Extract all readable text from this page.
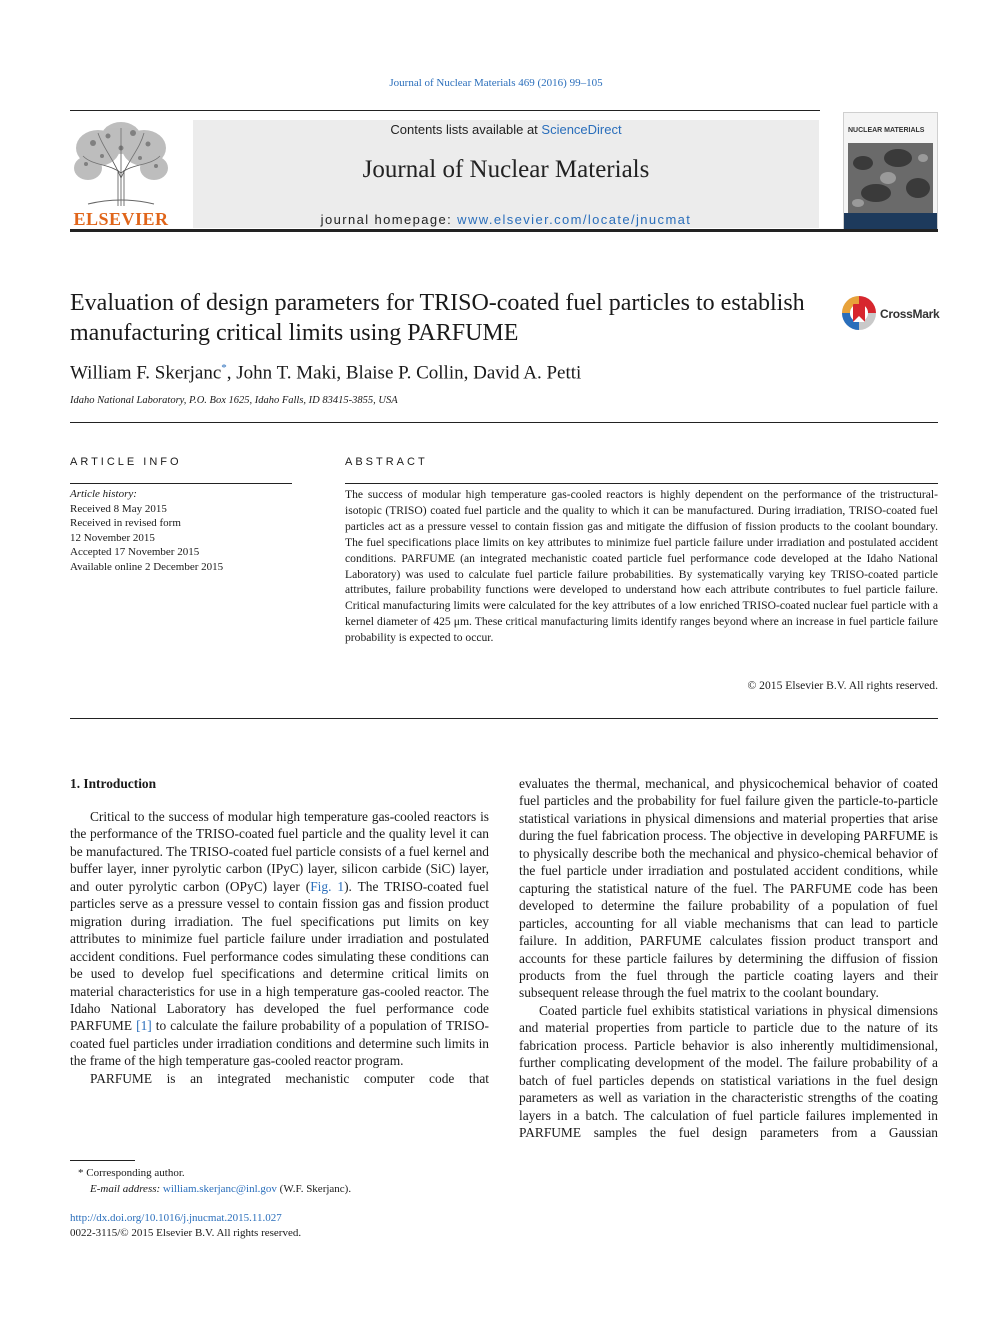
Journal of Nuclear Materials 469 (2016) 99–105
ELSEVIER
Contents lists available at ScienceDirect
Journal of Nuclear Materials
journal homepage: www.elsevier.com/locate/jnucmat
NUCLEAR MATERIALS
Evaluation of design parameters for TRISO-coated fuel particles to establish manufacturing critical limits using PARFUME
CrossMark
William F. Skerjanc*, John T. Maki, Blaise P. Collin, David A. Petti
Idaho National Laboratory, P.O. Box 1625, Idaho Falls, ID 83415-3855, USA
ARTICLE INFO
Article history:
Received 8 May 2015
Received in revised form
12 November 2015
Accepted 17 November 2015
Available online 2 December 2015
ABSTRACT
The success of modular high temperature gas-cooled reactors is highly dependent on the performance of the tristructural-isotopic (TRISO) coated fuel particle and the quality to which it can be manufactured. During irradiation, TRISO-coated fuel particles act as a pressure vessel to contain fission gas and mitigate the diffusion of fission products to the coolant boundary. The fuel specifications place limits on key attributes to minimize fuel particle failure under irradiation and postulated accident conditions. PARFUME (an integrated mechanistic coated particle fuel performance code developed at the Idaho National Laboratory) was used to calculate fuel particle failure probabilities. By systematically varying key TRISO-coated particle attributes, failure probability functions were developed to understand how each attribute contributes to fuel particle failure. Critical manufacturing limits were calculated for the key attributes of a low enriched TRISO-coated nuclear fuel particle with a kernel diameter of 425 μm. These critical manufacturing limits identify ranges beyond where an increase in fuel particle failure probability is expected to occur.
© 2015 Elsevier B.V. All rights reserved.
1. Introduction

Critical to the success of modular high temperature gas-cooled reactors is the performance of the TRISO-coated fuel particle and the quality level it can be manufactured. The TRISO-coated fuel particle consists of a fuel kernel and buffer layer, inner pyrolytic carbon (IPyC) layer, silicon carbide (SiC) layer, and outer pyrolytic carbon (OPyC) layer (Fig. 1). The TRISO-coated fuel particles serve as a pressure vessel to contain fission gas and fission product migration during irradiation. The fuel specifications put limits on key attributes to minimize fuel particle failure under irradiation and postulated accident conditions. Fuel performance codes simulating these conditions can be used to develop fuel specifications and determine critical limits on material characteristics for use in a high temperature gas-cooled reactor. The Idaho National Laboratory has developed the fuel performance code PARFUME [1] to calculate the failure probability of a population of TRISO-coated fuel particles under irradiation conditions and determine such limits in the frame of the high temperature gas-cooled reactor program.

PARFUME is an integrated mechanistic computer code that

evaluates the thermal, mechanical, and physicochemical behavior of coated fuel particles and the probability for fuel failure given the particle-to-particle statistical variations in physical dimensions and material properties that arise during the fuel fabrication process. The objective in developing PARFUME is to physically describe both the mechanical and physico-chemical behavior of the fuel particle under irradiation and postulated accident conditions, while capturing the statistical nature of the fuel. The PARFUME code has been developed to determine the failure probability of a population of fuel particles, accounting for all viable mechanisms that can lead to particle failure. In addition, PARFUME calculates fission product transport and accounts for these particle failures by determining the diffusion of fission products from the fuel through the particle coating layers and their subsequent release through the fuel matrix to the coolant boundary.

Coated particle fuel exhibits statistical variations in physical dimensions and material properties from particle to particle due to the nature of its fabrication process. Particle behavior is also inherently multidimensional, further complicating development of the model. The failure probability of a batch of fuel particles depends on statistical variations in the fuel design parameters as well as variation in the characteristic strengths of the coating layers in a batch. The calculation of fuel particle failures implemented in PARFUME samples the fuel design parameters from a Gaussian

* Corresponding author.
E-mail address: william.skerjanc@inl.gov (W.F. Skerjanc).
http://dx.doi.org/10.1016/j.jnucmat.2015.11.027
0022-3115/© 2015 Elsevier B.V. All rights reserved.
